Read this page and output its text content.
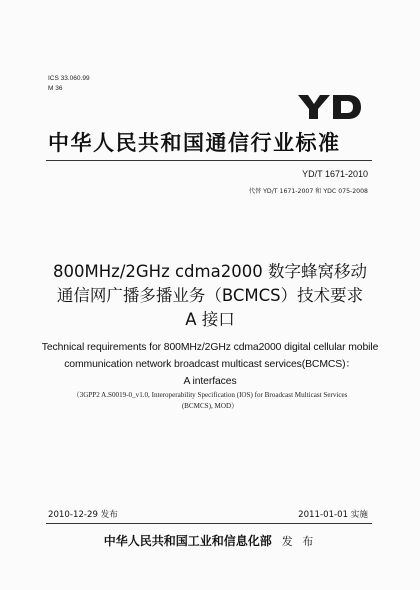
ICS 33.060.99
M 36
中华人民共和国通信行业标准
YD/T 1671-2010
代替 YD/T 1671-2007 和 YDC 075-2008
800MHz/2GHz cdma2000 数字蜂窝移动
通信网广播多播业务（BCMCS）技术要求
A 接口
Technical requirements for 800MHz/2GHz cdma2000 digital cellular mobile
communication network broadcast multicast services(BCMCS)：
A interfaces
（3GPP2 A.S0019-0_v1.0, Interoperability Specification (IOS) for Broadcast Multicast Services
(BCMCS), MOD）
2010-12-29 发布	2011-01-01 实施
中华人民共和国工业和信息化部 发 布
